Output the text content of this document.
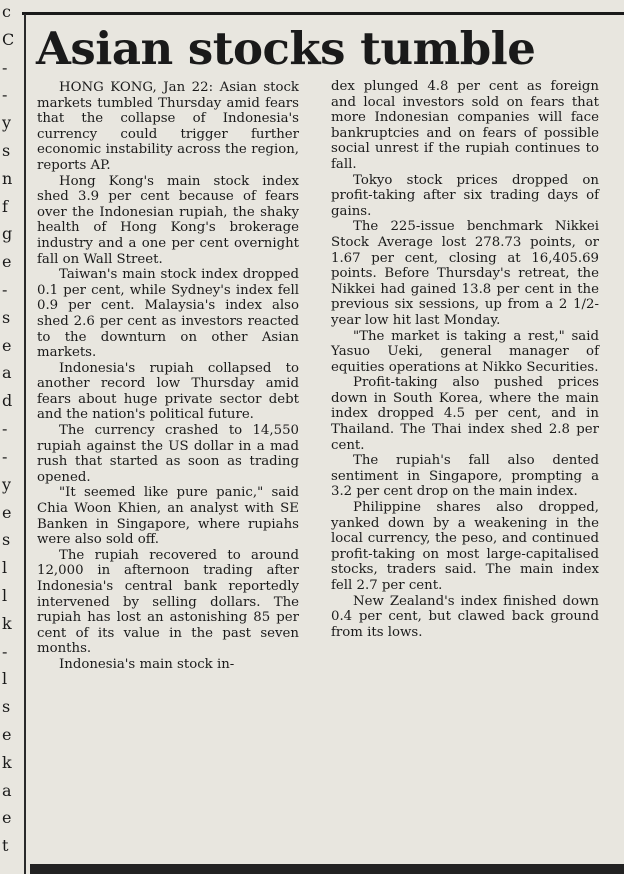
c
C
-
-
y
s
n
f
g
e
-
s
e
a
d
-
-
y
e
s
l
l
k
-
l
s
e
k
a
e
t
Asian stocks tumble

HONG KONG, Jan 22: Asian stock markets tumbled Thursday amid fears that the collapse of Indonesia's currency could trigger further economic instability across the region, reports AP.

Hong Kong's main stock index shed 3.9 per cent because of fears over the Indonesian rupiah, the shaky health of Hong Kong's brokerage industry and a one per cent overnight fall on Wall Street.

Taiwan's main stock index dropped 0.1 per cent, while Sydney's index fell 0.9 per cent. Malaysia's index also shed 2.6 per cent as investors reacted to the downturn on other Asian markets.

Indonesia's rupiah collapsed to another record low Thursday amid fears about huge private sector debt and the nation's political future.

The currency crashed to 14,550 rupiah against the US dollar in a mad rush that started as soon as trading opened.

"It seemed like pure panic," said Chia Woon Khien, an analyst with SE Banken in Singapore, where rupiahs were also sold off.

The rupiah recovered to around 12,000 in afternoon trading after Indonesia's central bank reportedly intervened by selling dollars. The rupiah has lost an astonishing 85 per cent of its value in the past seven months.

Indonesia's main stock in-

dex plunged 4.8 per cent as foreign and local investors sold on fears that more Indonesian companies will face bankruptcies and on fears of possible social unrest if the rupiah continues to fall.

Tokyo stock prices dropped on profit-taking after six trading days of gains.

The 225-issue benchmark Nikkei Stock Average lost 278.73 points, or 1.67 per cent, closing at 16,405.69 points. Before Thursday's retreat, the Nikkei had gained 13.8 per cent in the previous six sessions, up from a 2 1/2-year low hit last Monday.

"The market is taking a rest," said Yasuo Ueki, general manager of equities operations at Nikko Securities.

Profit-taking also pushed prices down in South Korea, where the main index dropped 4.5 per cent, and in Thailand. The Thai index shed 2.8 per cent.

The rupiah's fall also dented sentiment in Singapore, prompting a 3.2 per cent drop on the main index.

Philippine shares also dropped, yanked down by a weakening in the local currency, the peso, and continued profit-taking on most large-capitalised stocks, traders said. The main index fell 2.7 per cent.

New Zealand's index finished down 0.4 per cent, but clawed back ground from its lows.
